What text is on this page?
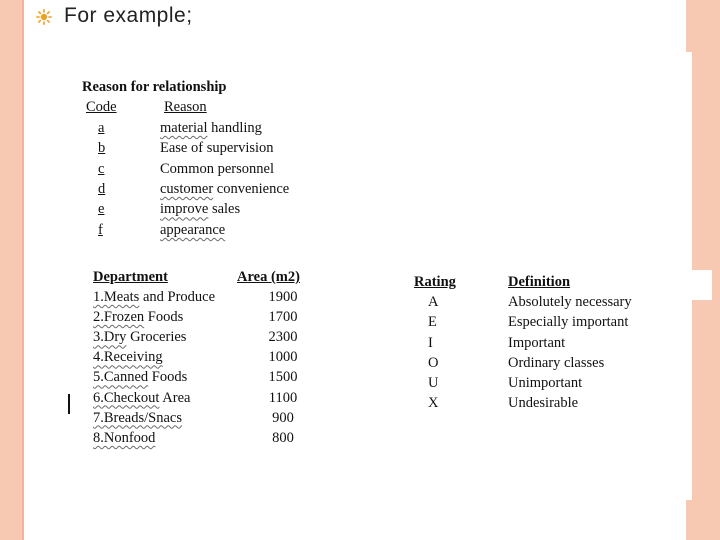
For example;
Reason for relationship
Code	Reason
a	material handling
b	Ease of supervision
c	Common personnel
d	customer convenience
e	improve sales
f	appearance
Department	Area (m2)
1.Meats and Produce	1900
2.Frozen Foods	1700
3.Dry Groceries	2300
4.Receiving	1000
5.Canned Foods	1500
6.Checkout Area	1100
7.Breads/Snacs	900
8.Nonfood	800
Rating	Definition
A	Absolutely necessary
E	Especially important
I	Important
O	Ordinary classes
U	Unimportant
X	Undesirable
